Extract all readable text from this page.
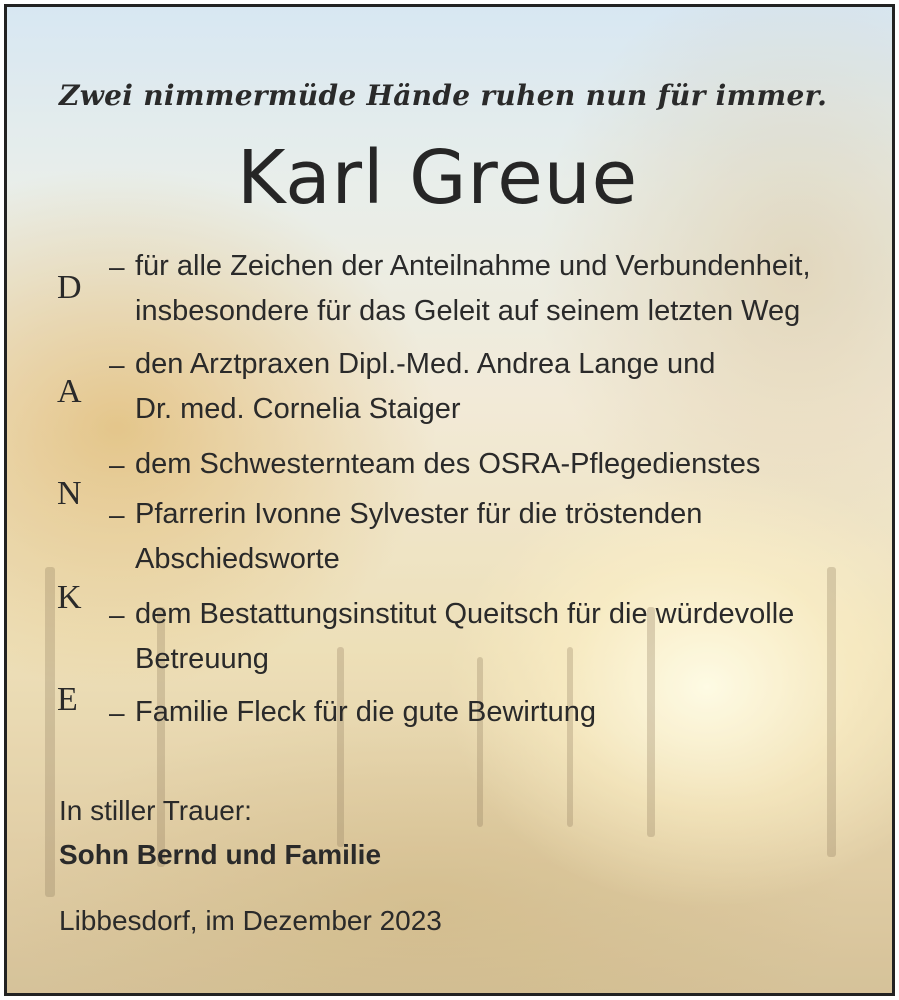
Zwei nimmermüde Hände ruhen nun für immer.
Karl Greue
D
A
N
K
E
– für alle Zeichen der Anteilnahme und Verbundenheit,
insbesondere für das Geleit auf seinem letzten Weg
– den Arztpraxen Dipl.-Med. Andrea Lange und
Dr. med. Cornelia Staiger
– dem Schwesternteam des OSRA-Pflegedienstes
– Pfarrerin Ivonne Sylvester für die tröstenden
Abschiedsworte
– dem Bestattungsinstitut Queitsch für die würdevolle
Betreuung
– Familie Fleck für die gute Bewirtung
In stiller Trauer:
Sohn Bernd und Familie
Libbesdorf, im Dezember 2023
